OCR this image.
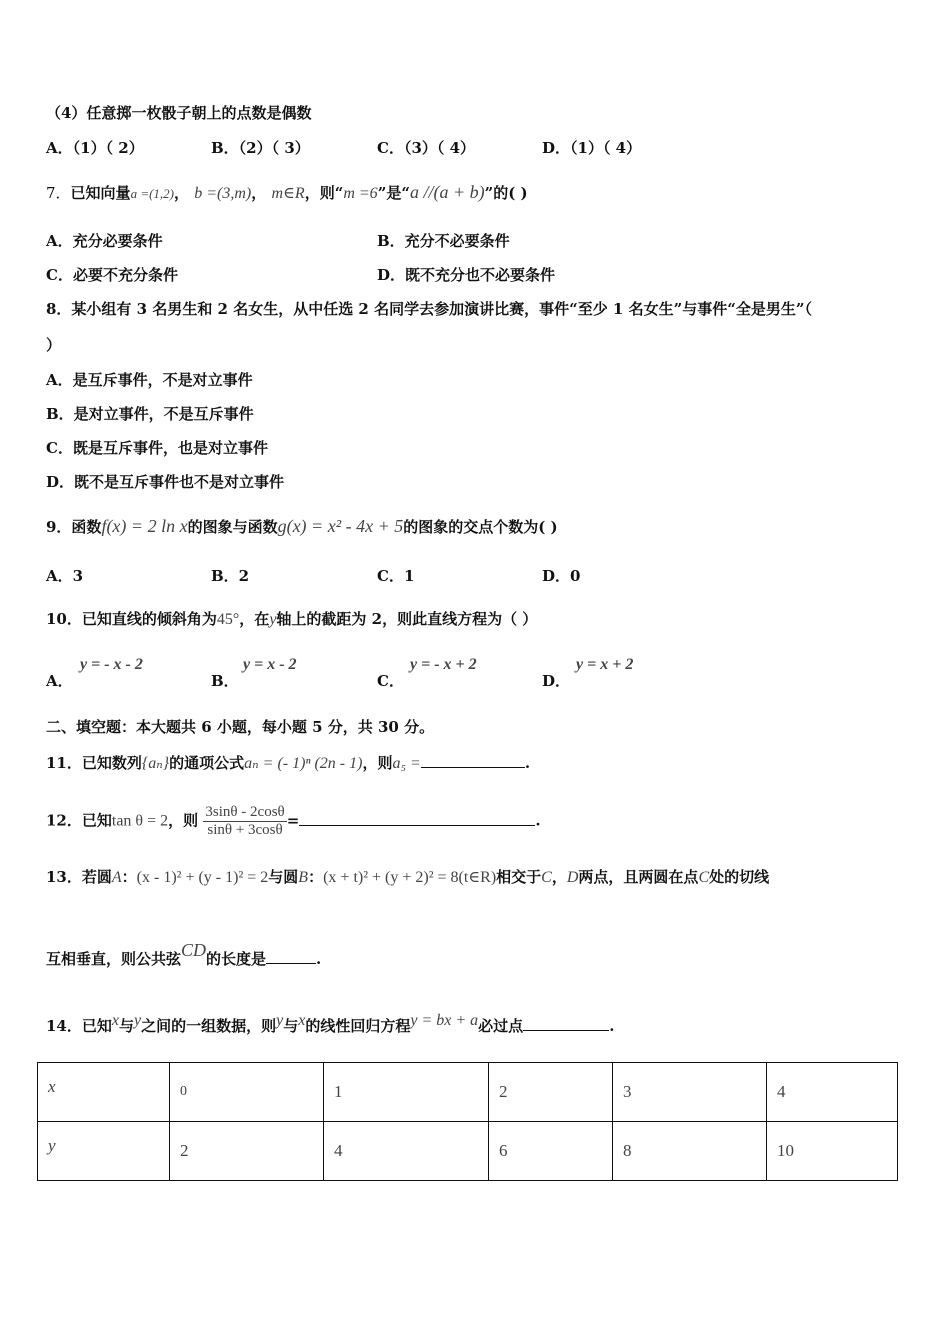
（4）任意掷一枚骰子朝上的点数是偶数
A．（1）（ 2）	B．（2）（ 3）	C．（3）（ 4）	D．（1）（ 4）
7．已知向量a =(1,2)， b =(3,m)， m∈R，则“m =6”是“a //(a + b)”的( )
A．充分必要条件	B．充分不必要条件
C．必要不充分条件	D．既不充分也不必要条件
8．某小组有 3 名男生和 2 名女生，从中任选 2 名同学去参加演讲比赛，事件“至少 1 名女生”与事件“全是男生”（
）
A．是互斥事件，不是对立事件
B．是对立事件，不是互斥事件
C．既是互斥事件，也是对立事件
D．既不是互斥事件也不是对立事件
9．函数f(x) = 2 ln x的图象与函数g(x) = x² - 4x + 5的图象的交点个数为( )
A．3	B．2	C．1	D．0
10．已知直线的倾斜角为45°，在y轴上的截距为 2，则此直线方程为（ ）
A．
y = - x - 2
B．
y = x - 2
C．
y = - x + 2
D．
y = x + 2
二、填空题：本大题共 6 小题，每小题 5 分，共 30 分。
11．已知数列{aₙ}的通项公式aₙ = (- 1)ⁿ (2n - 1)，则a₅ =	.
12．已知tan θ = 2，则 $\frac{3\sin\theta - 2\cos\theta}{\sin\theta + 3\cos\theta}$ =	.
13．若圆A：(x - 1)² + (y - 1)² = 2与圆B：(x + t)² + (y + 2)² = 8(t∈R)相交于C，D两点，且两圆在点C处的切线
互相垂直，则公共弦CD的长度是	.
14．已知x与y之间的一组数据，则y与x的线性回归方程y = bx + a必过点	.
x	0	1	2	3	4
y	2	4	6	8	10
